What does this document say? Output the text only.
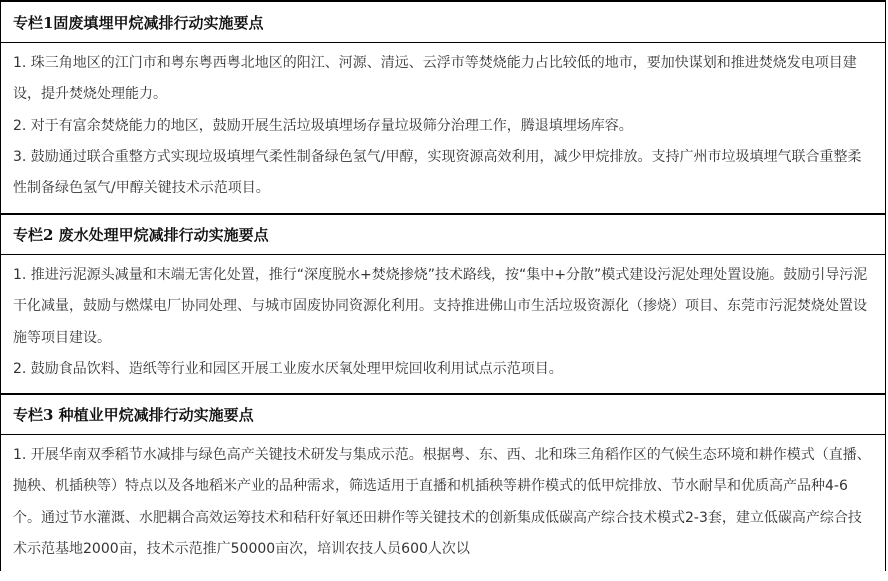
专栏1固废填埋甲烷减排行动实施要点

1. 珠三角地区的江门市和粤东粤西粤北地区的阳江、河源、清远、云浮市等焚烧能力占比较低的地市，要加快谋划和推进焚烧发电项目建设，提升焚烧处理能力。

2. 对于有富余焚烧能力的地区，鼓励开展生活垃圾填埋场存量垃圾筛分治理工作，腾退填埋场库容。

3. 鼓励通过联合重整方式实现垃圾填埋气柔性制备绿色氢气/甲醇，实现资源高效利用，减少甲烷排放。支持广州市垃圾填埋气联合重整柔性制备绿色氢气/甲醇关键技术示范项目。

专栏2 废水处理甲烷减排行动实施要点

1. 推进污泥源头减量和末端无害化处置，推行“深度脱水+焚烧掺烧”技术路线，按“集中+分散”模式建设污泥处理处置设施。鼓励引导污泥干化减量，鼓励与燃煤电厂协同处理、与城市固废协同资源化利用。支持推进佛山市生活垃圾资源化（掺烧）项目、东莞市污泥焚烧处置设施等项目建设。

2. 鼓励食品饮料、造纸等行业和园区开展工业废水厌氧处理甲烷回收利用试点示范项目。

专栏3 种植业甲烷减排行动实施要点

1. 开展华南双季稻节水减排与绿色高产关键技术研发与集成示范。根据粤、东、西、北和珠三角稻作区的气候生态环境和耕作模式（直播、抛秧、机插秧等）特点以及各地稻米产业的品种需求，筛选适用于直播和机插秧等耕作模式的低甲烷排放、节水耐旱和优质高产品种4-6个。通过节水灌溉、水肥耦合高效运筹技术和秸秆好氧还田耕作等关键技术的创新集成低碳高产综合技术模式2-3套，建立低碳高产综合技术示范基地2000亩，技术示范推广50000亩次，培训农技人员600人次以
